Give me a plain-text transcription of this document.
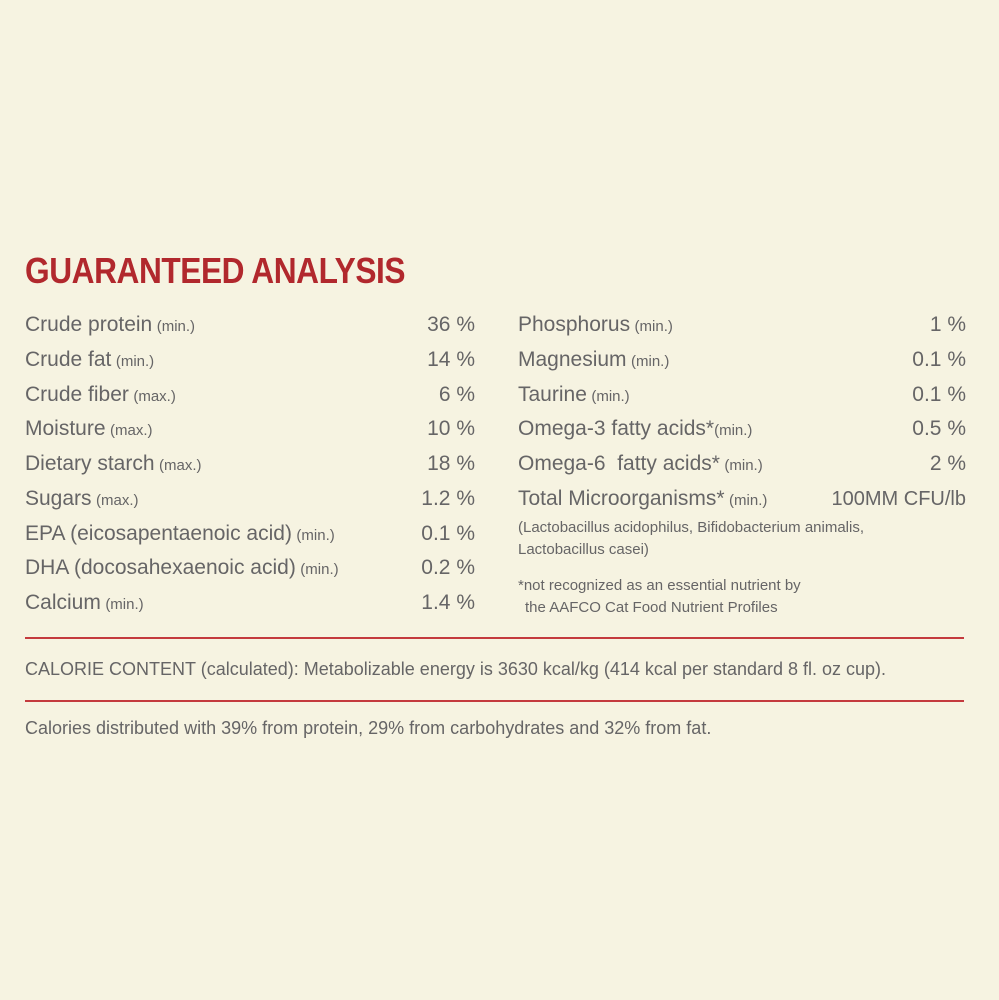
GUARANTEED ANALYSIS
Crude protein (min.)	36 %
Crude fat (min.)	14 %
Crude fiber (max.)	6 %
Moisture (max.)	10 %
Dietary starch (max.)	18 %
Sugars (max.)	1.2 %
EPA (eicosapentaenoic acid) (min.)	0.1 %
DHA (docosahexaenoic acid) (min.)	0.2 %
Calcium (min.)	1.4 %
Phosphorus (min.)	1 %
Magnesium (min.)	0.1 %
Taurine (min.)	0.1 %
Omega-3 fatty acids*(min.)	0.5 %
Omega-6  fatty acids* (min.)	2 %
Total Microorganisms* (min.)	100MM CFU/lb
(Lactobacillus acidophilus, Bifidobacterium animalis,
Lactobacillus casei)
*not recognized as an essential nutrient by
the AAFCO Cat Food Nutrient Profiles
CALORIE CONTENT (calculated): Metabolizable energy is 3630 kcal/kg (414 kcal per standard 8 fl. oz cup).
Calories distributed with 39% from protein, 29% from carbohydrates and 32% from fat.
